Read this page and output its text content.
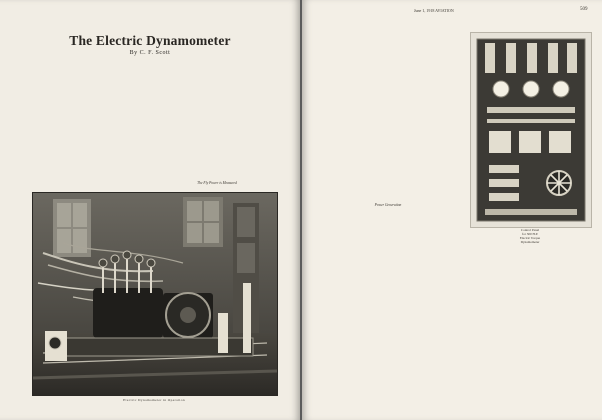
The Electric Dynamometer
By C. F. Scott

The Fly Power is Measured
Electric Dynamometer in Operation
June 1, 1918 AVIATION	509

Power Generation

Control Panel
for 300 H.P.
Electric Torque
Dynamometer
